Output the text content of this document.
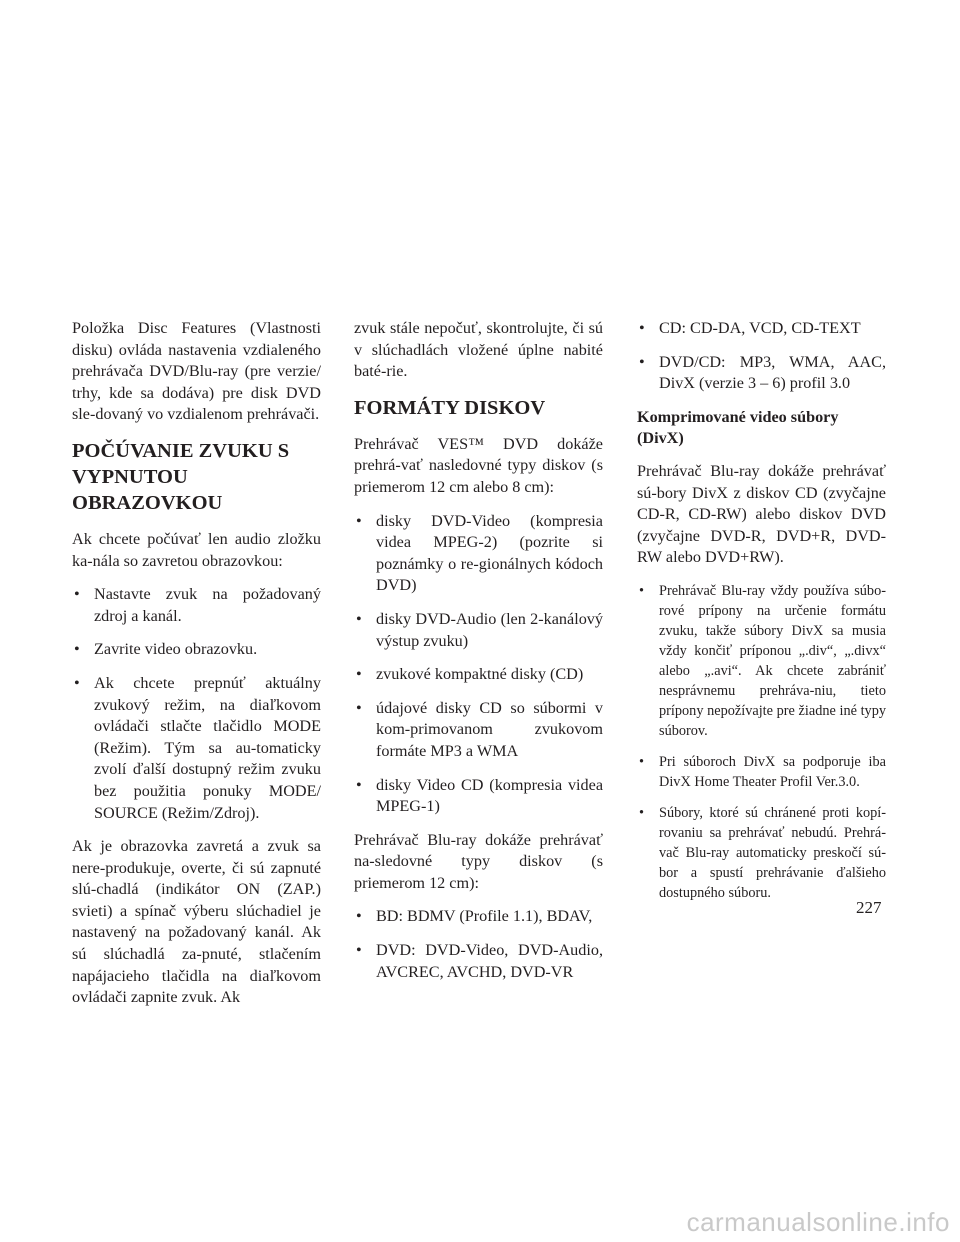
Položka Disc Features (Vlastnosti disku) ovláda nastavenia vzdialeného prehrávača DVD/Blu-ray (pre verzie/ trhy, kde sa dodáva) pre disk DVD sle-dovaný vo vzdialenom prehrávači.

POČÚVANIE ZVUKU S
VYPNUTOU
OBRAZOVKOU

Ak chcete počúvať len audio zložku ka-nála so zavretou obrazovkou:

• Nastavte zvuk na požadovaný zdroj a kanál.
• Zavrite video obrazovku.
• Ak chcete prepnúť aktuálny zvukový režim, na diaľkovom ovládači stlačte tlačidlo MODE (Režim). Tým sa au-tomaticky zvolí ďalší dostupný režim zvuku bez použitia ponuky MODE/ SOURCE (Režim/Zdroj).

Ak je obrazovka zavretá a zvuk sa nere-produkuje, overte, či sú zapnuté slú-chadlá (indikátor ON (ZAP.) svieti) a spínač výberu slúchadiel je nastavený na požadovaný kanál. Ak sú slúchadlá za-pnuté, stlačením napájacieho tlačidla na diaľkovom ovládači zapnite zvuk. Ak

zvuk stále nepočuť, skontrolujte, či sú v slúchadlách vložené úplne nabité baté-rie.

FORMÁTY DISKOV

Prehrávač VES™ DVD dokáže prehrá-vať nasledovné typy diskov (s priemerom 12 cm alebo 8 cm):

• disky DVD-Video (kompresia videa MPEG-2) (pozrite si poznámky o re-gionálnych kódoch DVD)
• disky DVD-Audio (len 2-kanálový výstup zvuku)
• zvukové kompaktné disky (CD)
• údajové disky CD so súbormi v kom-primovanom zvukovom formáte MP3 a WMA
• disky Video CD (kompresia videa MPEG-1)

Prehrávač Blu-ray dokáže prehrávať na-sledovné typy diskov (s priemerom 12 cm):

• BD: BDMV (Profile 1.1), BDAV,
• DVD: DVD-Video, DVD-Audio, AVCREC, AVCHD, DVD-VR
• CD: CD-DA, VCD, CD-TEXT
• DVD/CD: MP3, WMA, AAC, DivX (verzie 3 – 6) profil 3.0
Komprimované video súbory (DivX)

Prehrávač Blu-ray dokáže prehrávať sú-bory DivX z diskov CD (zvyčajne CD-R, CD-RW) alebo diskov DVD (zvyčajne DVD-R, DVD+R, DVD-RW alebo DVD+RW).

• Prehrávač Blu-ray vždy používa súbo-rové prípony na určenie formátu zvuku, takže súbory DivX sa musia vždy končiť príponou „.div“, „.divx“ alebo „.avi“. Ak chcete zabrániť nesprávnemu prehráva-niu, tieto prípony nepožívajte pre žiadne iné typy súborov.
• Pri súboroch DivX sa podporuje iba DivX Home Theater Profil Ver.3.0.
• Súbory, ktoré sú chránené proti kopí-rovaniu sa prehrávať nebudú. Prehrá-vač Blu-ray automaticky preskočí sú-bor a spustí prehrávanie ďalšieho dostupného súboru.
227
carmanualsonline.info
